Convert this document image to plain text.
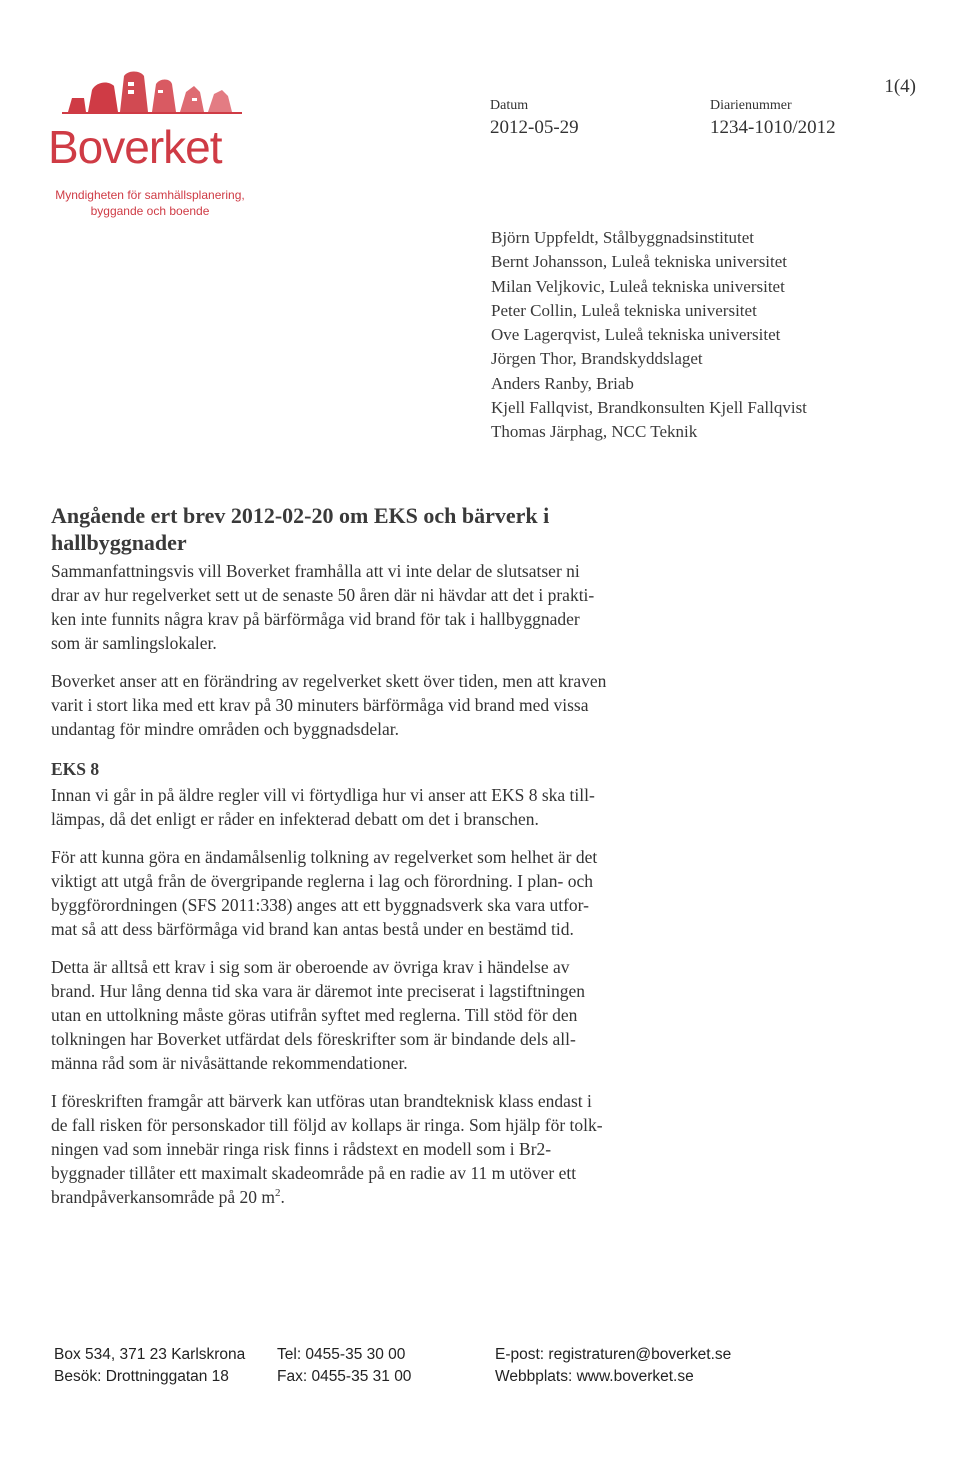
Boverket
Myndigheten för samhällsplanering,
byggande och boende
Datum
2012-05-29
Diarienummer
1234-1010/2012
1(4)
Björn Uppfeldt, Stålbyggnadsinstitutet
Bernt Johansson, Luleå tekniska universitet
Milan Veljkovic, Luleå tekniska universitet
Peter Collin, Luleå tekniska universitet
Ove Lagerqvist, Luleå tekniska universitet
Jörgen Thor, Brandskyddslaget
Anders Ranby, Briab
Kjell Fallqvist, Brandkonsulten Kjell Fallqvist
Thomas Järphag, NCC Teknik
Angående ert brev 2012-02-20 om EKS och bärverk i hallbyggnader

Sammanfattningsvis vill Boverket framhålla att vi inte delar de slutsatser ni
drar av hur regelverket sett ut de senaste 50 åren där ni hävdar att det i prakti-
ken inte funnits några krav på bärförmåga vid brand för tak i hallbyggnader
som är samlingslokaler.

Boverket anser att en förändring av regelverket skett över tiden, men att kraven
varit i stort lika med ett krav på 30 minuters bärförmåga vid brand med vissa
undantag för mindre områden och byggnadsdelar.

EKS 8

Innan vi går in på äldre regler vill vi förtydliga hur vi anser att EKS 8 ska till-
lämpas, då det enligt er råder en infekterad debatt om det i branschen.

För att kunna göra en ändamålsenlig tolkning av regelverket som helhet är det
viktigt att utgå från de övergripande reglerna i lag och förordning. I plan- och
byggförordningen (SFS 2011:338) anges att ett byggnadsverk ska vara utfor-
mat så att dess bärförmåga vid brand kan antas bestå under en bestämd tid.

Detta är alltså ett krav i sig som är oberoende av övriga krav i händelse av
brand. Hur lång denna tid ska vara är däremot inte preciserat i lagstiftningen
utan en uttolkning måste göras utifrån syftet med reglerna. Till stöd för den
tolkningen har Boverket utfärdat dels föreskrifter som är bindande dels all-
männa råd som är nivåsättande rekommendationer.

I föreskriften framgår att bärverk kan utföras utan brandteknisk klass endast i
de fall risken för personskador till följd av kollaps är ringa. Som hjälp för tolk-
ningen vad som innebär ringa risk finns i rådstext en modell som i Br2-
byggnader tillåter ett maximalt skadeområde på en radie av 11 m utöver ett
brandpåverkansområde på 20 $m^2$.

Box 534, 371 23 Karlskrona
Besök: Drottninggatan 18
Tel: 0455-35 30 00
Fax: 0455-35 31 00
E-post: registraturen@boverket.se
Webbplats: www.boverket.se
